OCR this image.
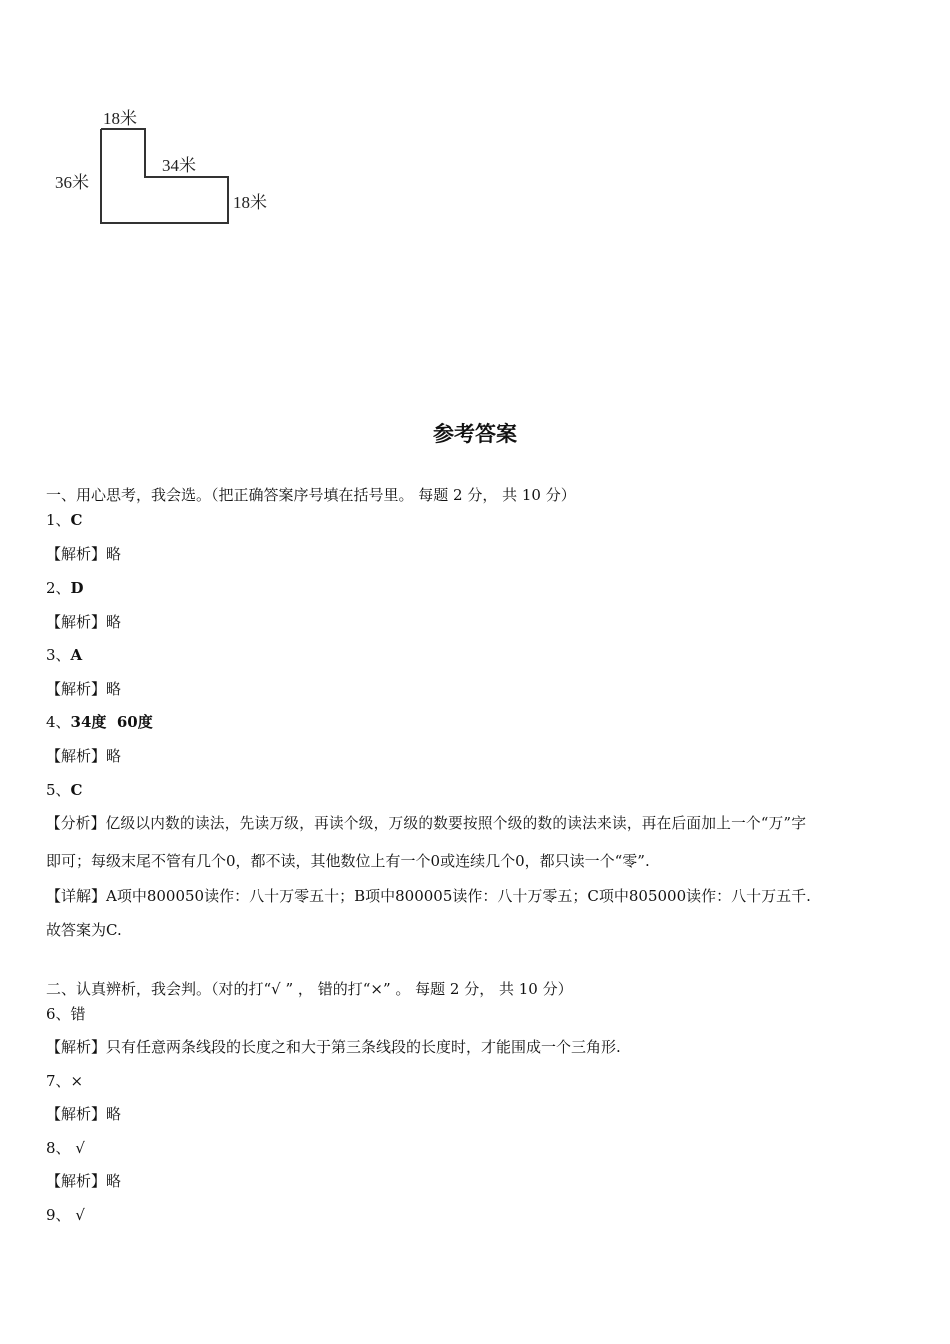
18米
36米
34米
18米
参考答案
一、用心思考，我会选。（把正确答案序号填在括号里。 每题 2 分， 共 10 分）
1、C
【解析】略
2、D
【解析】略
3、A
【解析】略
4、34度  60度
【解析】略
5、C
【分析】亿级以内数的读法，先读万级，再读个级，万级的数要按照个级的数的读法来读，再在后面加上一个“万”字
即可；每级末尾不管有几个0，都不读，其他数位上有一个0或连续几个0，都只读一个“零”.
【详解】A项中800050读作：八十万零五十；B项中800005读作：八十万零五；C项中805000读作：八十万五千.
故答案为C.
二、认真辨析，我会判。（对的打“√ ” ， 错的打“×” 。 每题 2 分， 共 10 分）
6、错
【解析】只有任意两条线段的长度之和大于第三条线段的长度时，才能围成一个三角形.
7、×
【解析】略
8、 √
【解析】略
9、 √
